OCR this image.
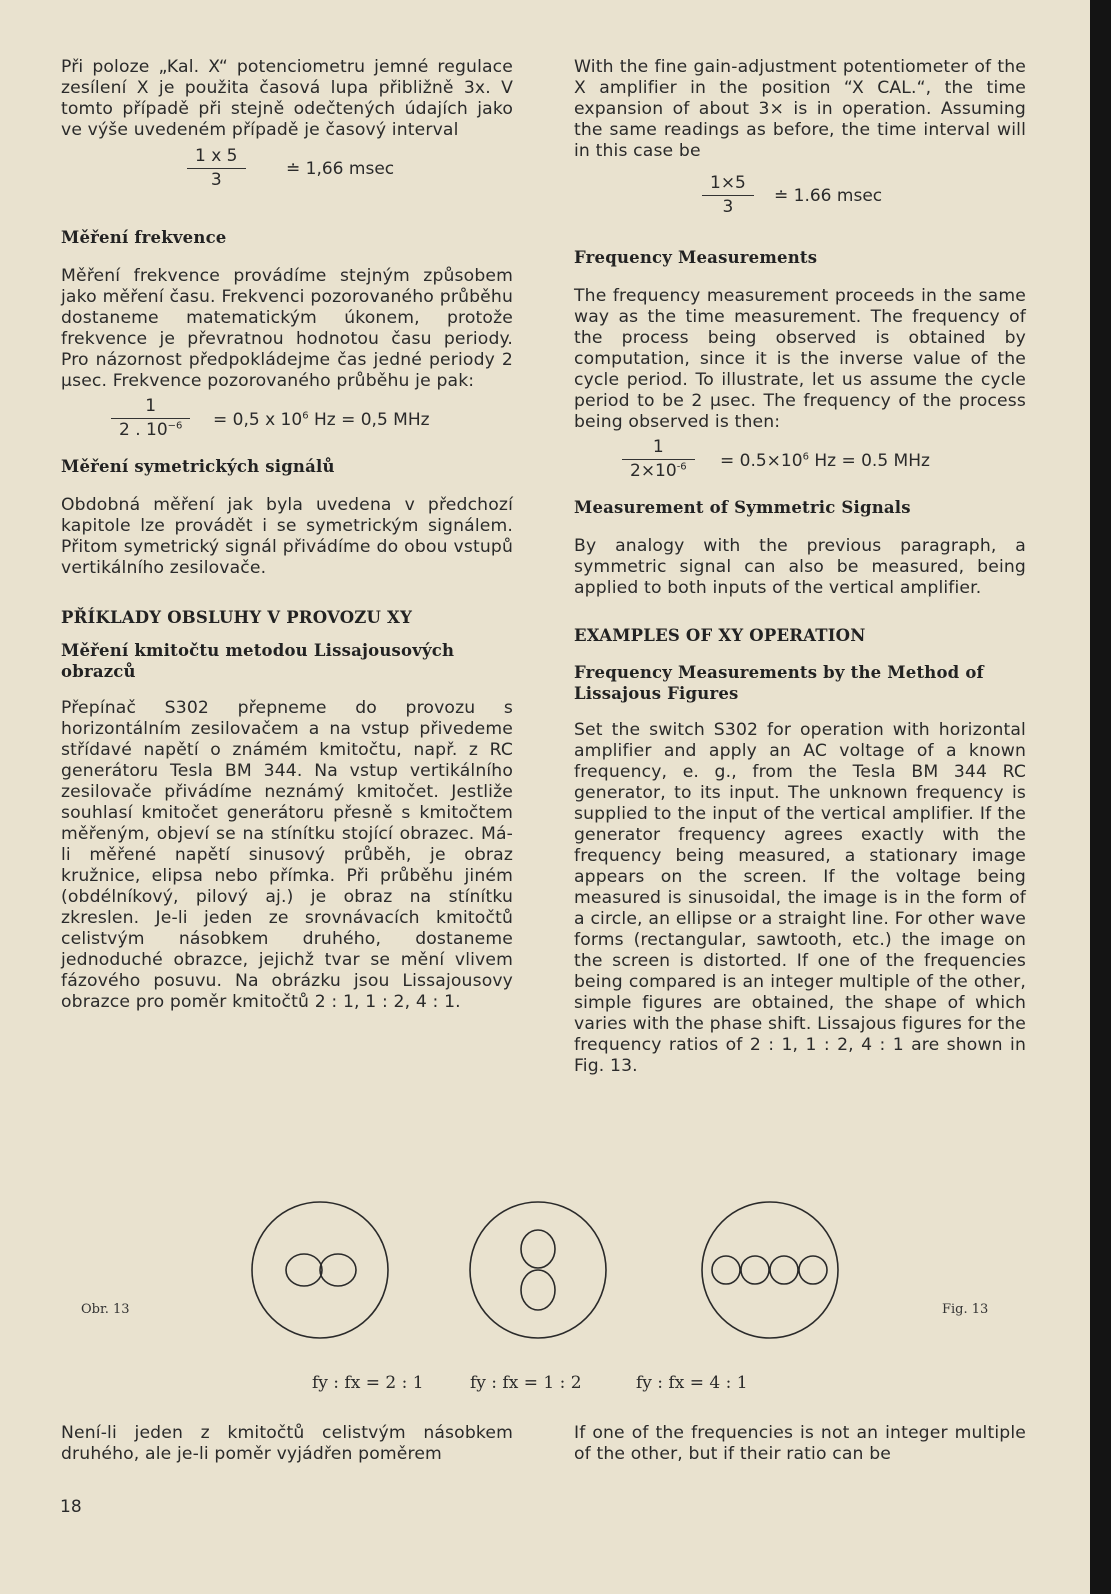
Při poloze „Kal. X“ potenciometru jemné regulace zesílení X je použita časová lupa přibližně 3x. V tomto případě při stejně odečtených údajích jako ve výše uvedeném případě je časový interval

1 x 5
3
≐ 1,66 msec
Měření frekvence

Měření frekvence provádíme stejným způsobem jako měření času. Frekvenci pozorovaného průběhu dostaneme matematickým úkonem, protože frekvence je převratnou hodnotou času periody. Pro názornost předpokládejme čas jedné periody 2 μsec. Frekvence pozorovaného průběhu je pak:

1
2 . $10^{-6}$	= 0,5 x $10^6$ Hz = 0,5 MHz
Měření symetrických signálů

Obdobná měření jak byla uvedena v předchozí kapitole lze provádět i se symetrickým signálem. Přitom symetrický signál přivádíme do obou vstupů vertikálního zesilovače.

PŘÍKLADY OBSLUHY V PROVOZU XY
Měření kmitočtu metodou Lissajousových obrazců

Přepínač S302 přepneme do provozu s horizontálním zesilovačem a na vstup přivedeme střídavé napětí o známém kmitočtu, např. z RC generátoru Tesla BM 344. Na vstup vertikálního zesilovače přivádíme neznámý kmitočet. Jestliže souhlasí kmitočet generátoru přesně s kmitočtem měřeným, objeví se na stínítku stojící obrazec. Má-li měřené napětí sinusový průběh, je obraz kružnice, elipsa nebo přímka. Při průběhu jiném (obdélníkový, pilový aj.) je obraz na stínítku zkreslen. Je-li jeden ze srovnávacích kmitočtů celistvým násobkem druhého, dostaneme jednoduché obrazce, jejichž tvar se mění vlivem fázového posuvu. Na obrázku jsou Lissajousovy obrazce pro poměr kmitočtů 2 : 1, 1 : 2, 4 : 1.

With the fine gain-adjustment potentiometer of the X amplifier in the position “X CAL.“, the time expansion of about 3× is in operation. Assuming the same readings as before, the time interval will in this case be

1×5
3
≐ 1.66 msec
Frequency Measurements

The frequency measurement proceeds in the same way as the time measurement. The frequency of the process being observed is obtained by computation, since it is the inverse value of the cycle period. To illustrate, let us assume the cycle period to be 2 μsec. The frequency of the process being observed is then:

1
$2\times 10^{-6}$	= $0.5\times 10^6$ Hz = 0.5 MHz
Measurement of Symmetric Signals

By analogy with the previous paragraph, a symmetric signal can also be measured, being applied to both inputs of the vertical amplifier.

EXAMPLES OF XY OPERATION
Frequency Measurements by the Method of Lissajous Figures

Set the switch S302 for operation with horizontal amplifier and apply an AC voltage of a known frequency, e. g., from the Tesla BM 344 RC generator, to its input. The unknown frequency is supplied to the input of the vertical amplifier. If the generator frequency agrees exactly with the frequency being measured, a stationary image appears on the screen. If the voltage being measured is sinusoidal, the image is in the form of a circle, an ellipse or a straight line. For other wave forms (rectangular, sawtooth, etc.) the image on the screen is distorted. If one of the frequencies being compared is an integer multiple of the other, simple figures are obtained, the shape of which varies with the phase shift. Lissajous figures for the frequency ratios of 2 : 1, 1 : 2, 4 : 1 are shown in Fig. 13.

Obr. 13	Fig. 13
fy : fx = 2 : 1	fy : fx = 1 : 2	fy : fx = 4 : 1

Není-li jeden z kmitočtů celistvým násobkem druhého, ale je-li poměr vyjádřen poměrem

If one of the frequencies is not an integer multiple of the other, but if their ratio can be

18
